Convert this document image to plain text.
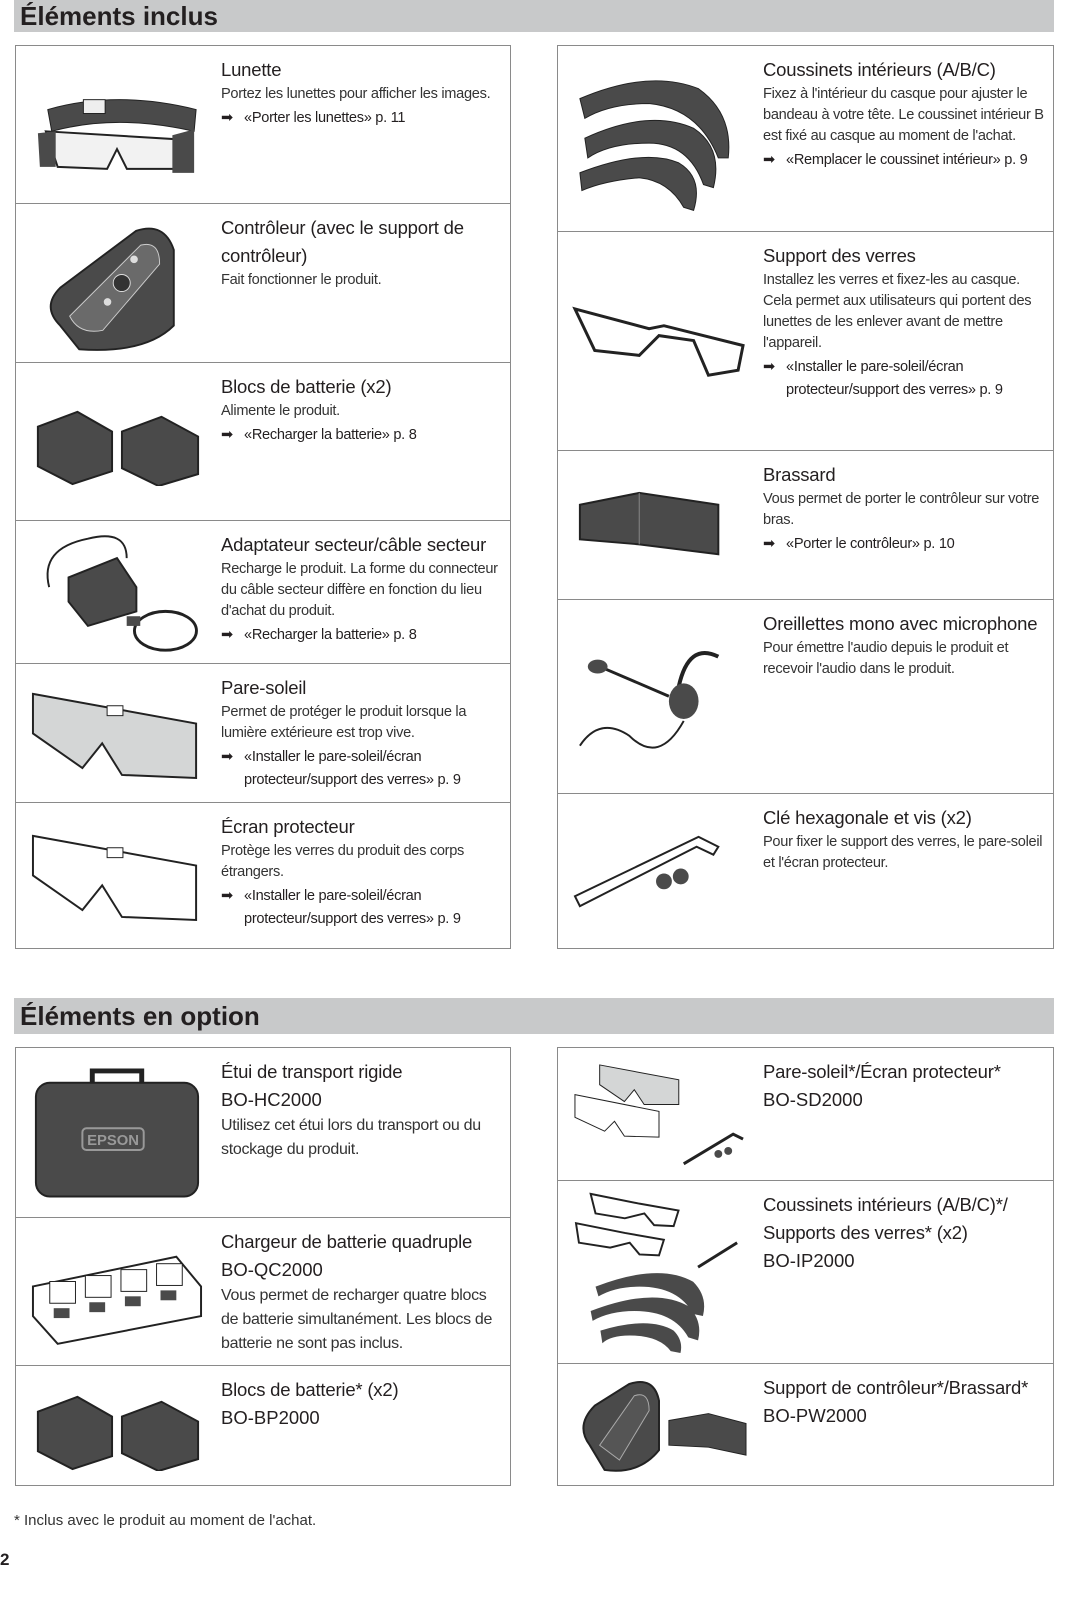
Éléments inclus
Lunette
Portez les lunettes pour afficher les images.
➡ «Porter les lunettes» p. 11
Contrôleur (avec le support de contrôleur)
Fait fonctionner le produit.
Blocs de batterie (x2)
Alimente le produit.
➡ «Recharger la batterie» p. 8
Adaptateur secteur/câble secteur
Recharge le produit. La forme du connecteur du câble secteur diffère en fonction du lieu d'achat du produit.
➡ «Recharger la batterie» p. 8
Pare-soleil
Permet de protéger le produit lorsque la lumière extérieure est trop vive.
➡ «Installer le pare-soleil/écran protecteur/support des verres» p. 9
Écran protecteur
Protège les verres du produit des corps étrangers.
➡ «Installer le pare-soleil/écran protecteur/support des verres» p. 9
Coussinets intérieurs (A/B/C)
Fixez à l'intérieur du casque pour ajuster le bandeau à votre tête. Le coussinet intérieur B est fixé au casque au moment de l'achat.
➡ «Remplacer le coussinet intérieur» p. 9
Support des verres
Installez les verres et fixez-les au casque. Cela permet aux utilisateurs qui portent des lunettes de les enlever avant de mettre l'appareil.
➡ «Installer le pare-soleil/écran protecteur/support des verres» p. 9
Brassard
Vous permet de porter le contrôleur sur votre bras.
➡ «Porter le contrôleur» p. 10
Oreillettes mono avec microphone
Pour émettre l'audio depuis le produit et recevoir l'audio dans le produit.
Clé hexagonale et vis (x2)
Pour fixer le support des verres, le pare-soleil et l'écran protecteur.
Éléments en option
EPSON
Étui de transport rigide
BO-HC2000
Utilisez cet étui lors du transport ou du stockage du produit.
Chargeur de batterie quadruple
BO-QC2000
Vous permet de recharger quatre blocs de batterie simultanément. Les blocs de batterie ne sont pas inclus.
Blocs de batterie* (x2)
BO-BP2000
Pare-soleil*/Écran protecteur*
BO-SD2000
Coussinets intérieurs (A/B/C)*/ Supports des verres* (x2)
BO-IP2000
Support de contrôleur*/Brassard*
BO-PW2000
* Inclus avec le produit au moment de l'achat.
2
